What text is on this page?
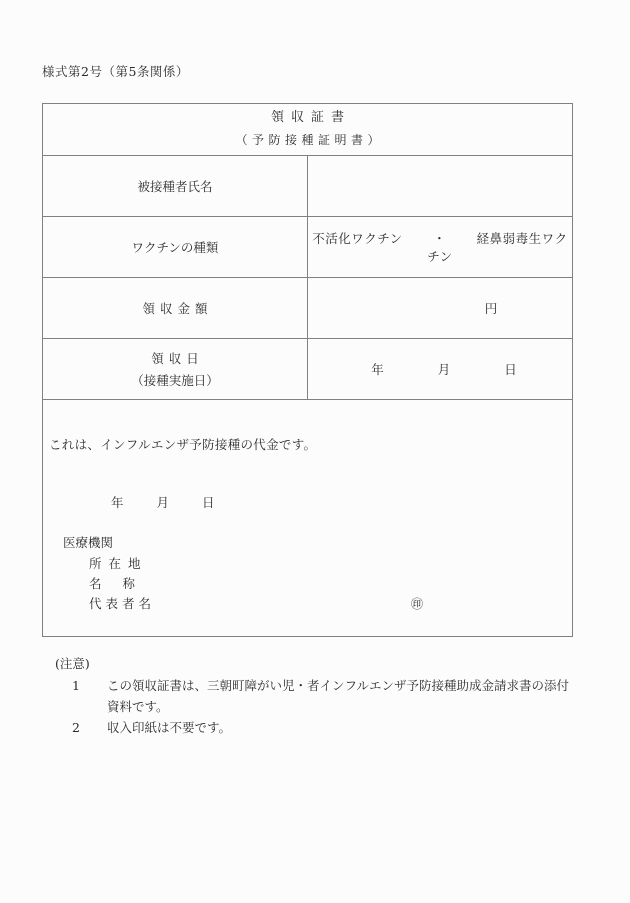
様式第2号（第5条関係）
領収証書
（予防接種証明書）	

被接種者氏名	

ワクチンの種類	不活化ワクチン ・ 経鼻弱毒生ワクチン

領収金額	円

領収日
（接種実施日）	年 月 日

これは、インフルエンザ予防接種の代金です。
年	月	日
医療機関
所在地
名称
代表者名	㊞
(注意)
1 この領収証書は、三朝町障がい児・者インフルエンザ予防接種助成金請求書の添付
資料です。
2 収入印紙は不要です。
